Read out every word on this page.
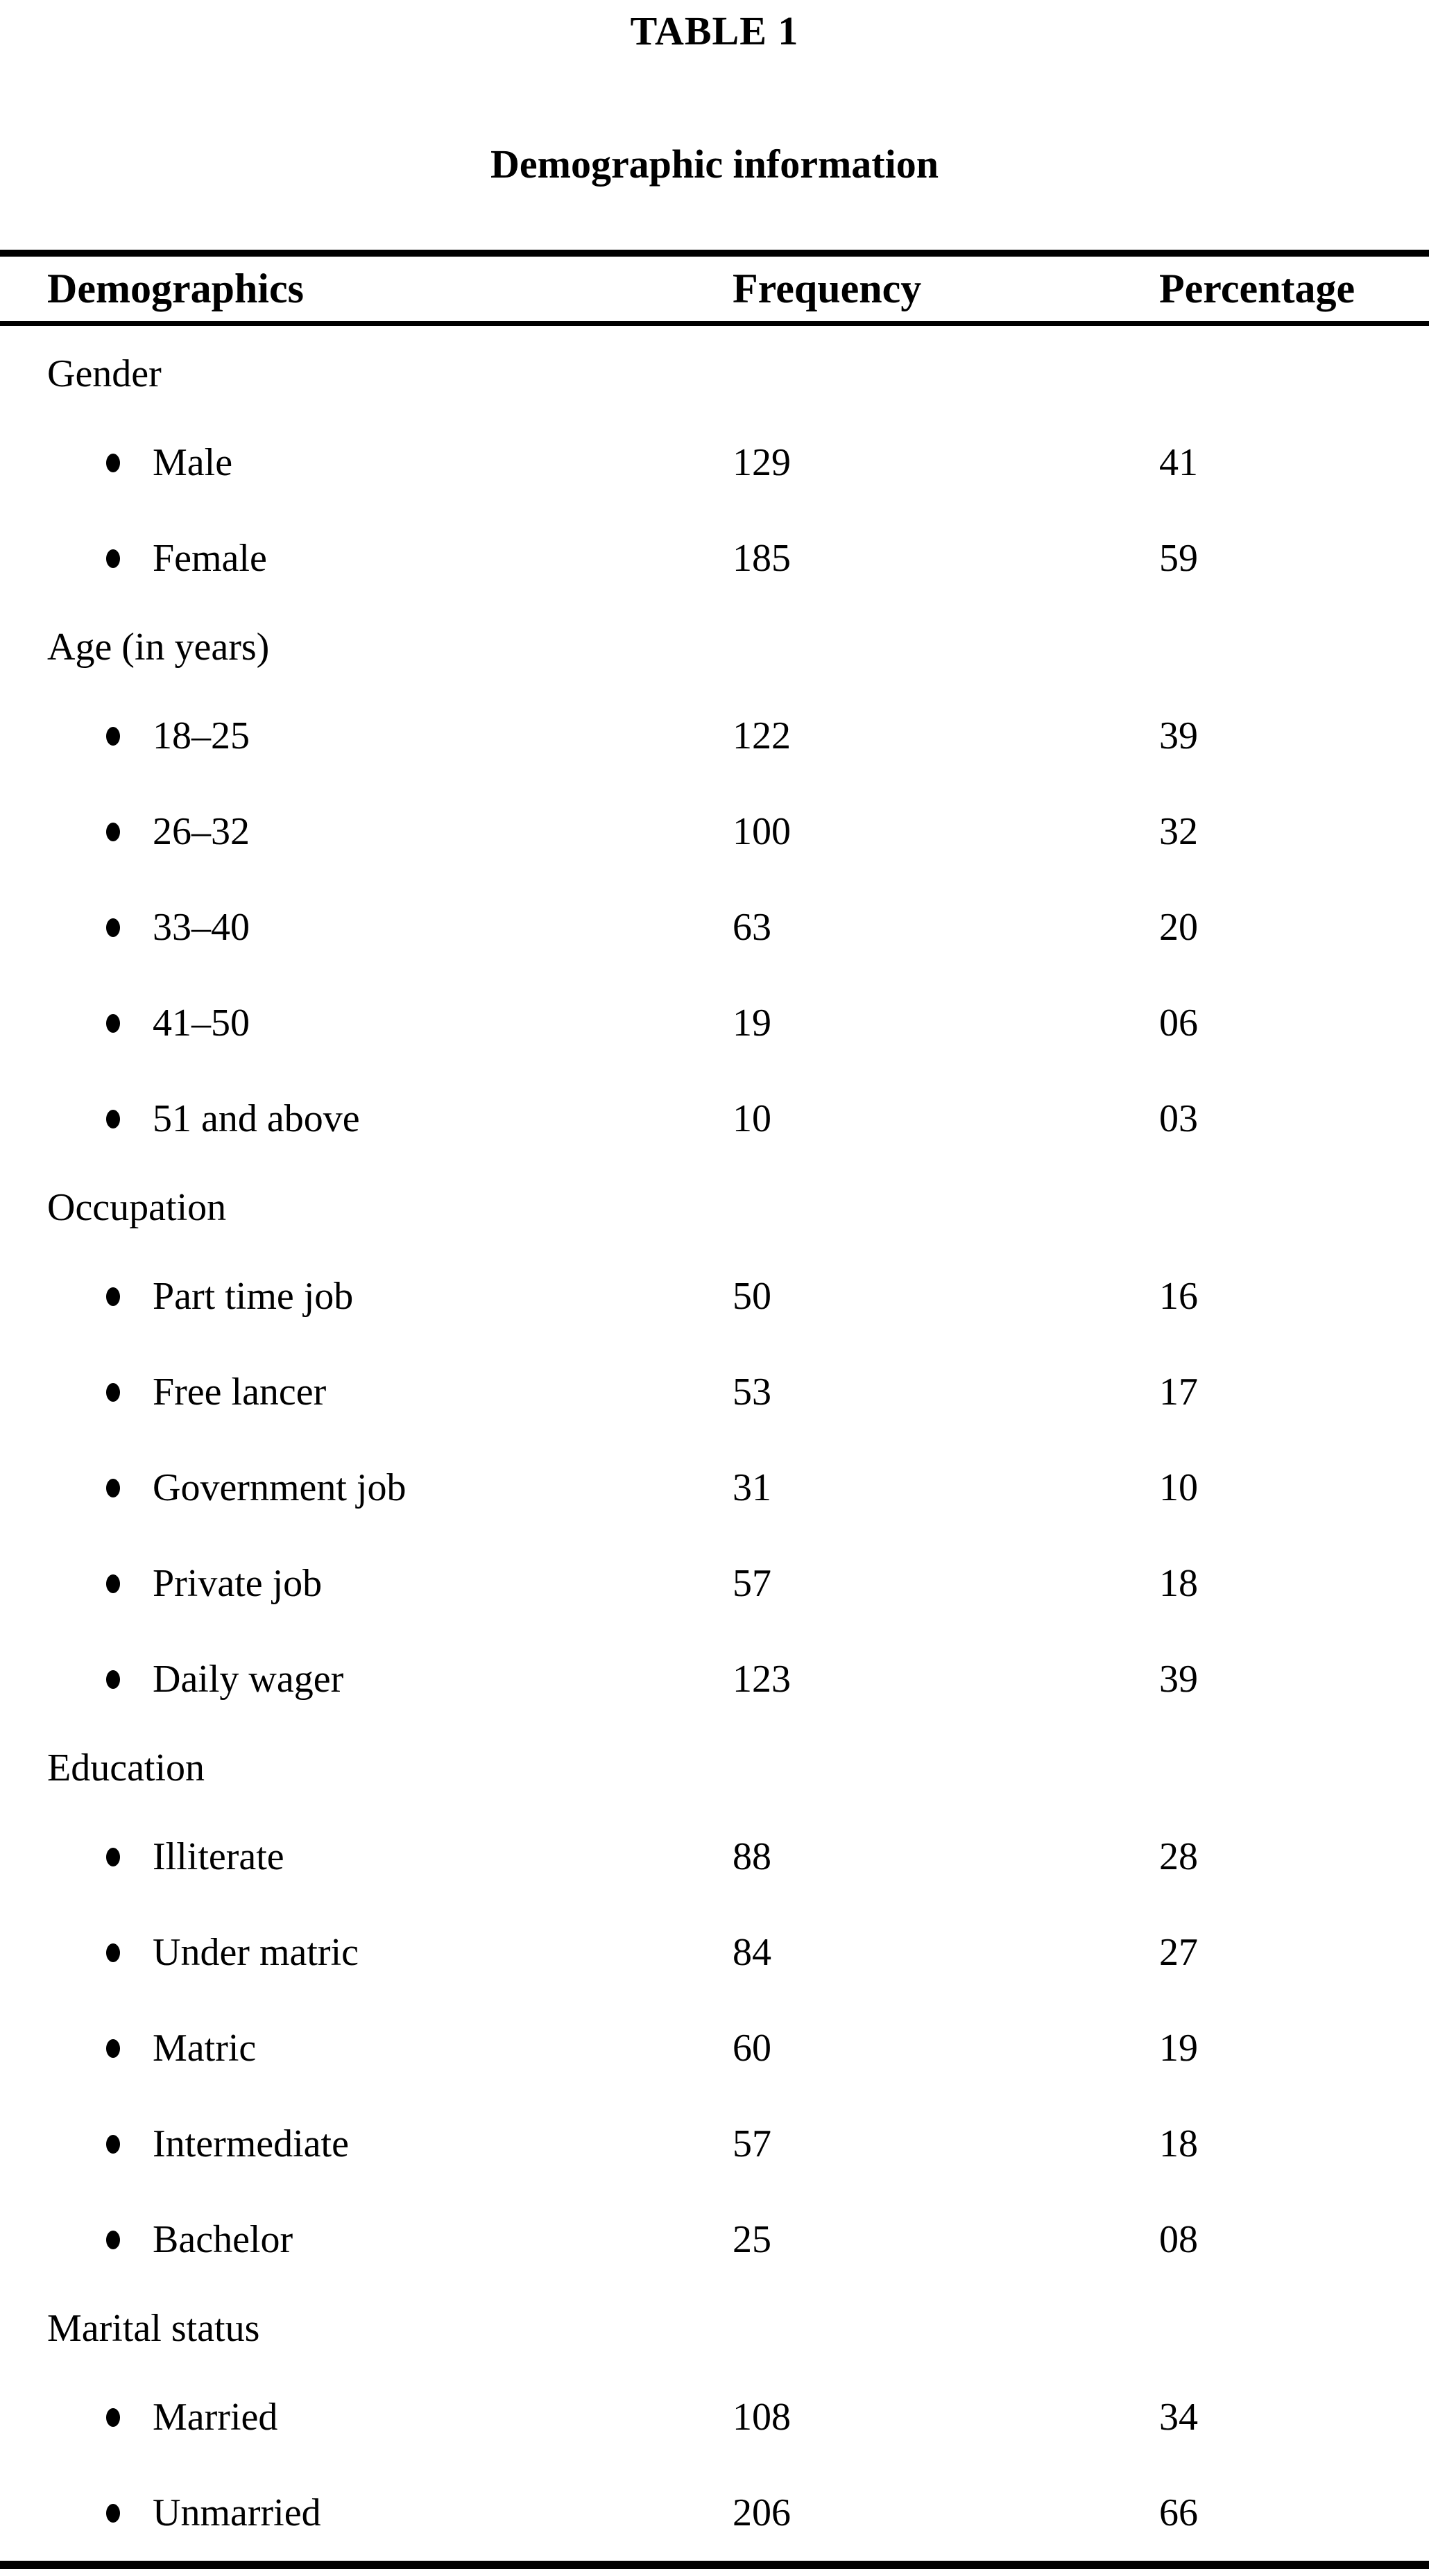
TABLE 1
Demographic information
Demographics	Frequency	Percentage
Gender
Male	129	41
Female	185	59
Age (in years)
18–25	122	39
26–32	100	32
33–40	63	20
41–50	19	06
51 and above	10	03
Occupation
Part time job	50	16
Free lancer	53	17
Government job	31	10
Private job	57	18
Daily wager	123	39
Education
Illiterate	88	28
Under matric	84	27
Matric	60	19
Intermediate	57	18
Bachelor	25	08
Marital status
Married	108	34
Unmarried	206	66
